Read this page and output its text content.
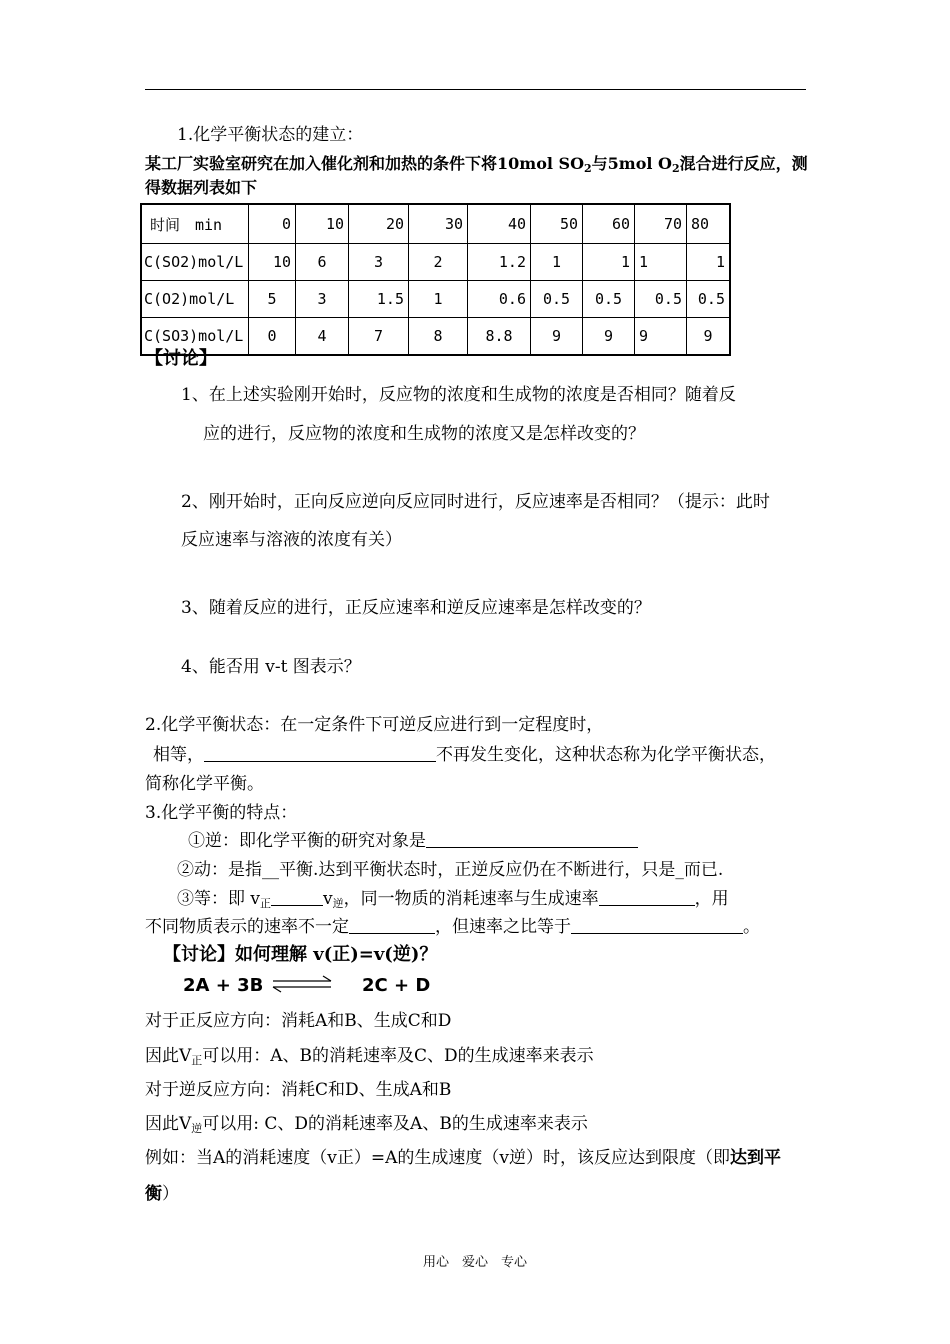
1.化学平衡状态的建立：
某工厂实验室研究在加入催化剂和加热的条件下将10mol $SO_2$与5mol $O_2$混合进行反应，测
得数据列表如下
时间　min	0	10	20	30	40	50	60	70	80
C(SO2)mol/L	10	6	3	2	1.2	1	1	1	1
C(O2)mol/L	5	3	1.5	1	0.6	0.5	0.5	0.5	0.5
C(SO3)mol/L	0	4	7	8	8.8	9	9	9	9
【讨论】
1、在上述实验刚开始时，反应物的浓度和生成物的浓度是否相同？随着反
应的进行，反应物的浓度和生成物的浓度又是怎样改变的？
2、刚开始时，正向反应逆向反应同时进行，反应速率是否相同？（提示：此时
反应速率与溶液的浓度有关）
3、随着反应的进行，正反应速率和逆反应速率是怎样改变的？
4、能否用 v-t 图表示？
2.化学平衡状态：在一定条件下可逆反应进行到一定程度时，
相等，	不再发生变化，这种状态称为化学平衡状态，
简称化学平衡。
3.化学平衡的特点：
①逆：即化学平衡的研究对象是
②动：是指__平衡.达到平衡状态时，正逆反应仍在不断进行，只是_而已.
③等：即 $v_正$	$v_逆$，同一物质的消耗速率与生成速率	，用
不同物质表示的速率不一定	，但速率之比等于	。
【讨论】如何理解 v(正)=v(逆)？
2A + 3B ⇌ 2C + D
对于正反应方向：消耗A和B、生成C和D
因此$V_正$可以用：A、B的消耗速率及C、D的生成速率来表示
对于逆反应方向：消耗C和D、生成A和B
因此$V_逆$可以用: C、D的消耗速率及A、B的生成速率来表示
例如：当A的消耗速度（v正）=A的生成速度（v逆）时，该反应达到限度（即达到平
衡）
用心　爱心　专心
